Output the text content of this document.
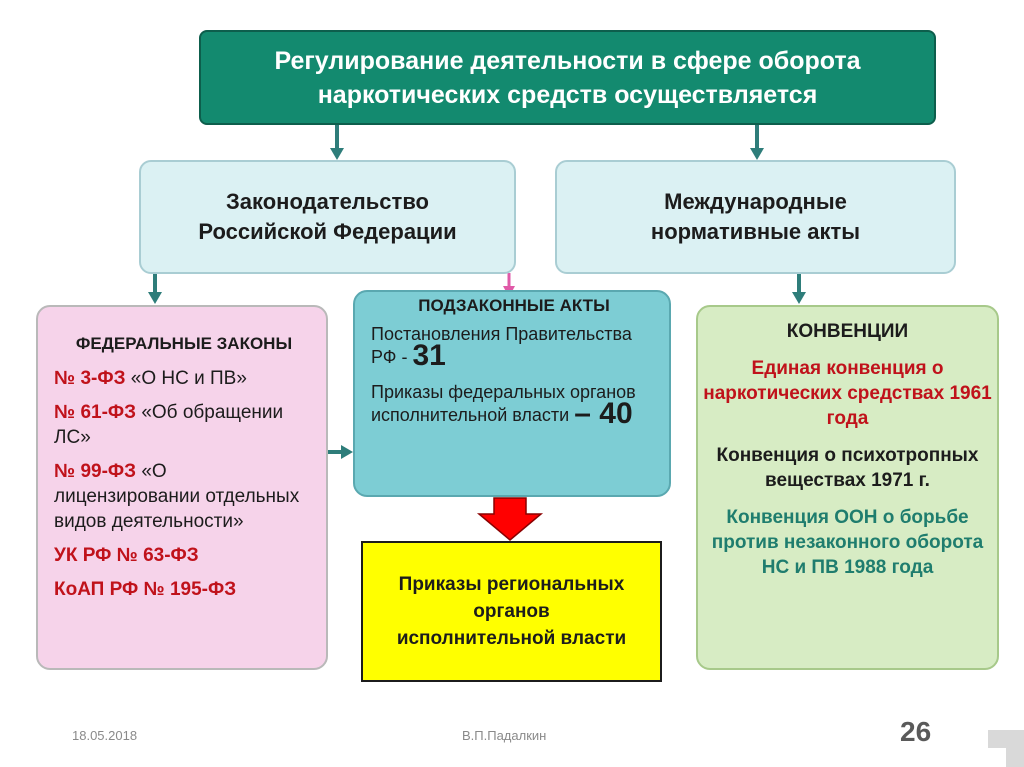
Регулирование деятельности в сфере оборота
наркотических средств осуществляется
Законодательство
Российской Федерации
Международные
нормативные акты
ФЕДЕРАЛЬНЫЕ ЗАКОНЫ
№ 3-ФЗ «О НС и ПВ»
№ 61-ФЗ «Об обращении ЛС»
№ 99-ФЗ «О лицензировании отдельных видов деятельности»
УК РФ № 63-ФЗ
КоАП РФ № 195-ФЗ
ПОДЗАКОННЫЕ АКТЫ
Постановления Правительства РФ - 31
Приказы федеральных органов исполнительной власти – 40
Приказы региональных
органов
исполнительной власти
КОНВЕНЦИИ
Единая конвенция о наркотических средствах 1961 года
Конвенция о психотропных веществах 1971 г.
Конвенция ООН о борьбе против незаконного оборота НС и ПВ 1988 года
18.05.2018	В.П.Падалкин	26
